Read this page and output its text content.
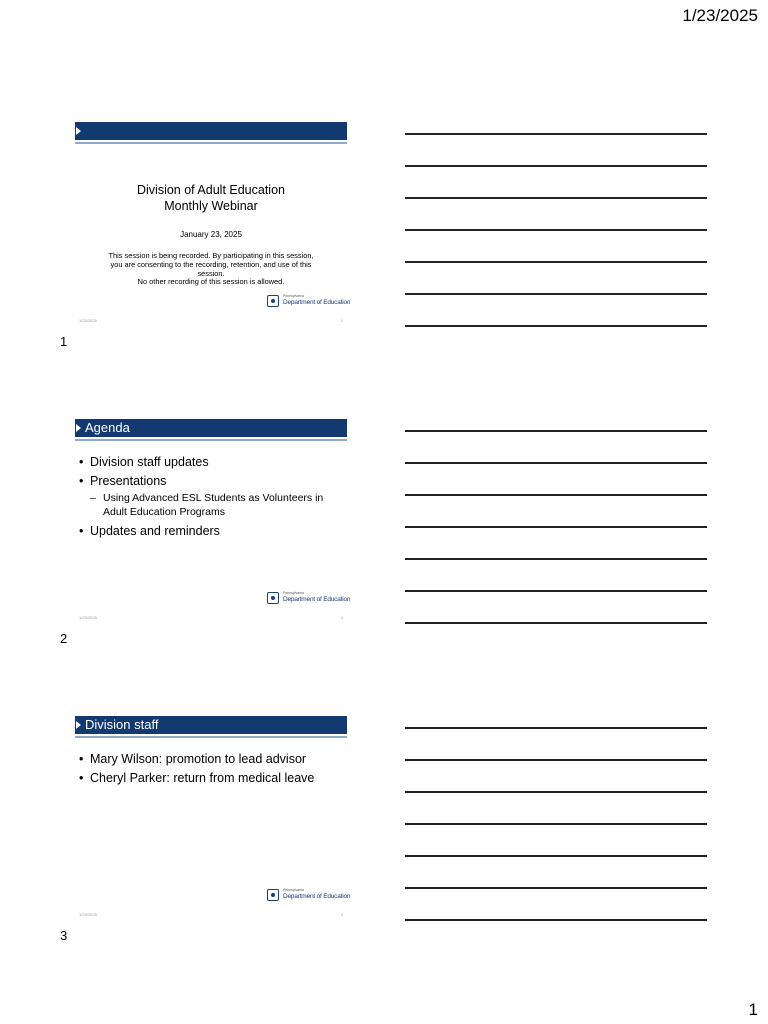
1/23/2025
Division of Adult Education
Monthly Webinar
January 23, 2025
This session is being recorded. By participating in this session, you are consenting to the recording, retention, and use of this session.
No other recording of this session is allowed.
Pennsylvania
Department of Education
1/23/2025	1
1
Agenda
• Division staff updates
• Presentations
– Using Advanced ESL Students as Volunteers in Adult Education Programs
• Updates and reminders
Pennsylvania
Department of Education
1/23/2025	2
2
Division staff
• Mary Wilson: promotion to lead advisor
• Cheryl Parker: return from medical leave
Pennsylvania
Department of Education
1/23/2025	3
3
1
